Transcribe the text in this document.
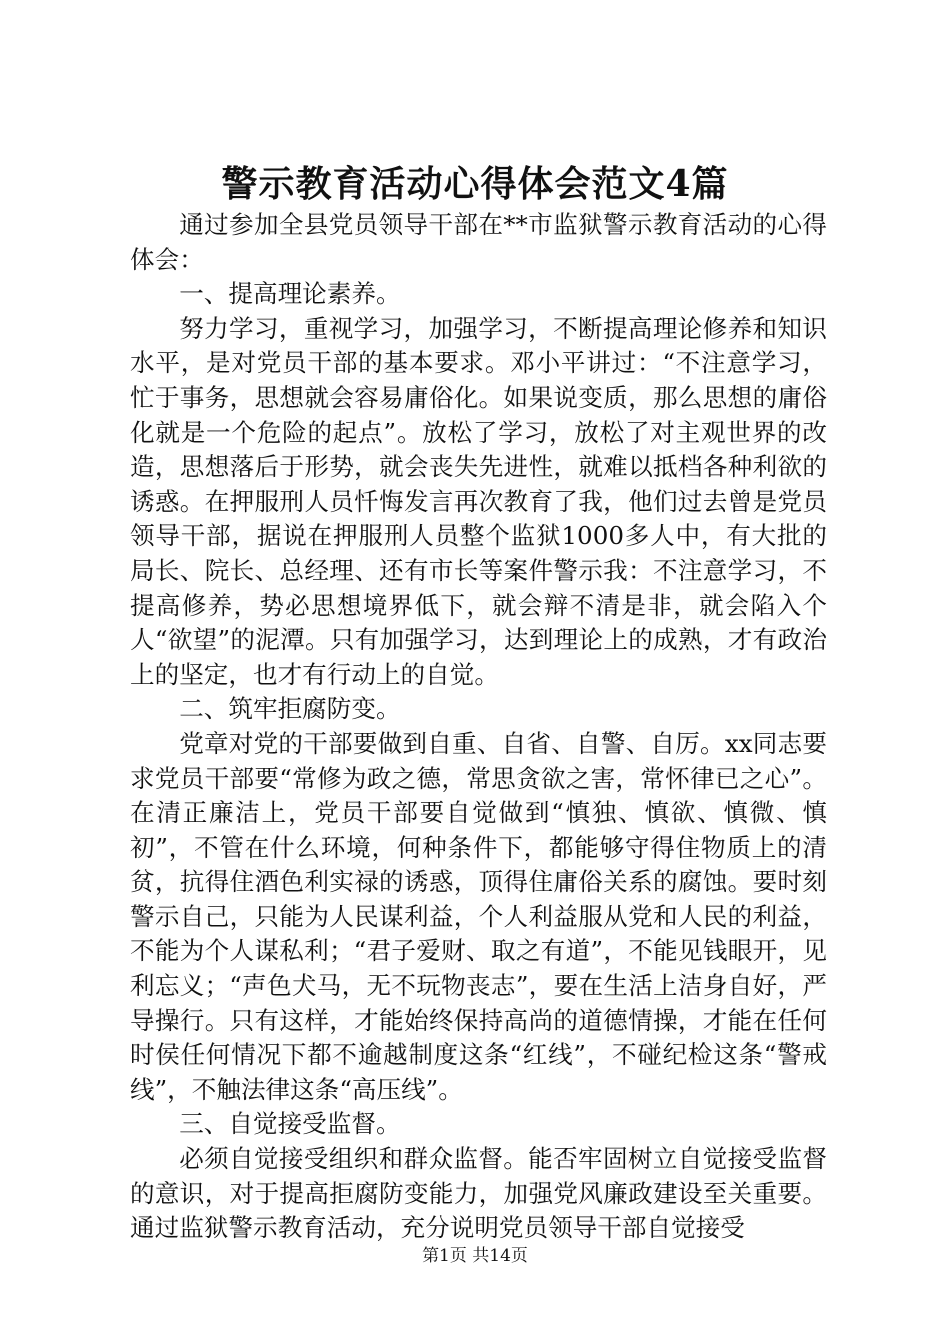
警示教育活动心得体会范文4篇

通过参加全县党员领导干部在**市监狱警示教育活动的心得体会：

一、提高理论素养。

努力学习，重视学习，加强学习，不断提高理论修养和知识水平，是对党员干部的基本要求。邓小平讲过：“不注意学习，忙于事务，思想就会容易庸俗化。如果说变质，那么思想的庸俗化就是一个危险的起点”。放松了学习，放松了对主观世界的改造，思想落后于形势，就会丧失先进性，就难以抵档各种利欲的诱惑。在押服刑人员忏悔发言再次教育了我，他们过去曾是党员领导干部，据说在押服刑人员整个监狱1000多人中，有大批的局长、院长、总经理、还有市长等案件警示我：不注意学习，不提高修养，势必思想境界低下，就会辩不清是非，就会陷入个人“欲望”的泥潭。只有加强学习，达到理论上的成熟，才有政治上的坚定，也才有行动上的自觉。

二、筑牢拒腐防变。

党章对党的干部要做到自重、自省、自警、自厉。xx同志要求党员干部要“常修为政之德，常思贪欲之害，常怀律已之心”。在清正廉洁上，党员干部要自觉做到“慎独、慎欲、慎微、慎初”，不管在什么环境，何种条件下，都能够守得住物质上的清贫，抗得住酒色利实禄的诱惑，顶得住庸俗关系的腐蚀。要时刻警示自己，只能为人民谋利益，个人利益服从党和人民的利益，不能为个人谋私利；“君子爱财、取之有道”，不能见钱眼开，见利忘义；“声色犬马，无不玩物丧志”，要在生活上洁身自好，严导操行。只有这样，才能始终保持高尚的道德情操，才能在任何时侯任何情况下都不逾越制度这条“红线”，不碰纪检这条“警戒线”，不触法律这条“高压线”。

三、自觉接受监督。

必须自觉接受组织和群众监督。能否牢固树立自觉接受监督的意识，对于提高拒腐防变能力，加强党风廉政建设至关重要。通过监狱警示教育活动，充分说明党员领导干部自觉接受

第1页 共14页
